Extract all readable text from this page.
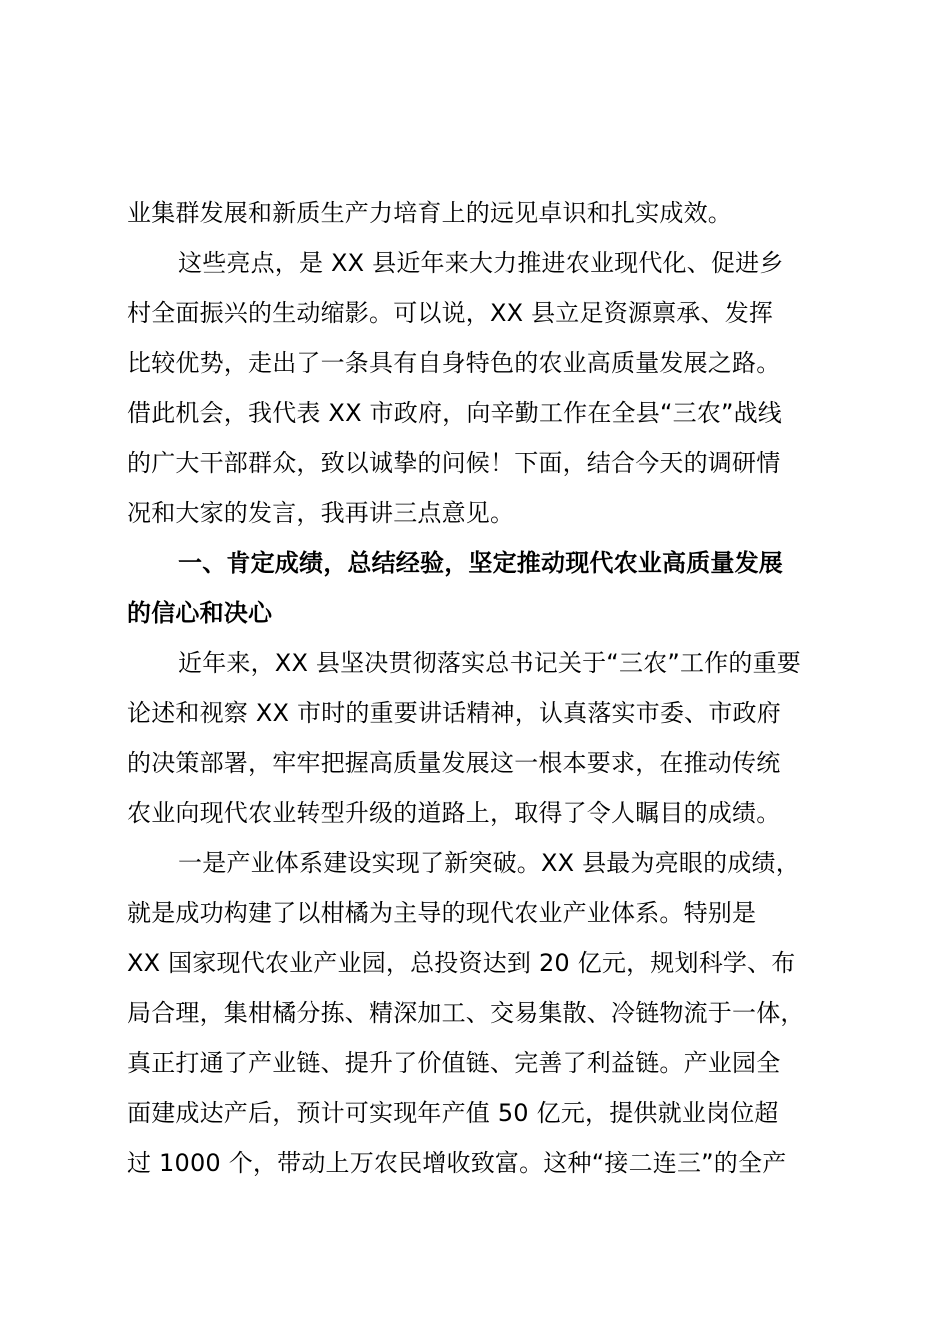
业集群发展和新质生产力培育上的远见卓识和扎实成效。
这些亮点，是 XX 县近年来大力推进农业现代化、促进乡
村全面振兴的生动缩影。可以说，XX 县立足资源禀承、发挥
比较优势，走出了一条具有自身特色的农业高质量发展之路。
借此机会，我代表 XX 市政府，向辛勤工作在全县“三农”战线
的广大干部群众，致以诚挚的问候！下面，结合今天的调研情
况和大家的发言，我再讲三点意见。
一、肯定成绩，总结经验，坚定推动现代农业高质量发展
的信心和决心
近年来，XX 县坚决贯彻落实总书记关于“三农”工作的重要
论述和视察 XX 市时的重要讲话精神，认真落实市委、市政府
的决策部署，牢牢把握高质量发展这一根本要求，在推动传统
农业向现代农业转型升级的道路上，取得了令人瞩目的成绩。
一是产业体系建设实现了新突破。XX 县最为亮眼的成绩，
就是成功构建了以柑橘为主导的现代农业产业体系。特别是
XX 国家现代农业产业园，总投资达到 20 亿元，规划科学、布
局合理，集柑橘分拣、精深加工、交易集散、冷链物流于一体，
真正打通了产业链、提升了价值链、完善了利益链。产业园全
面建成达产后，预计可实现年产值 50 亿元，提供就业岗位超
过 1000 个，带动上万农民增收致富。这种“接二连三”的全产
